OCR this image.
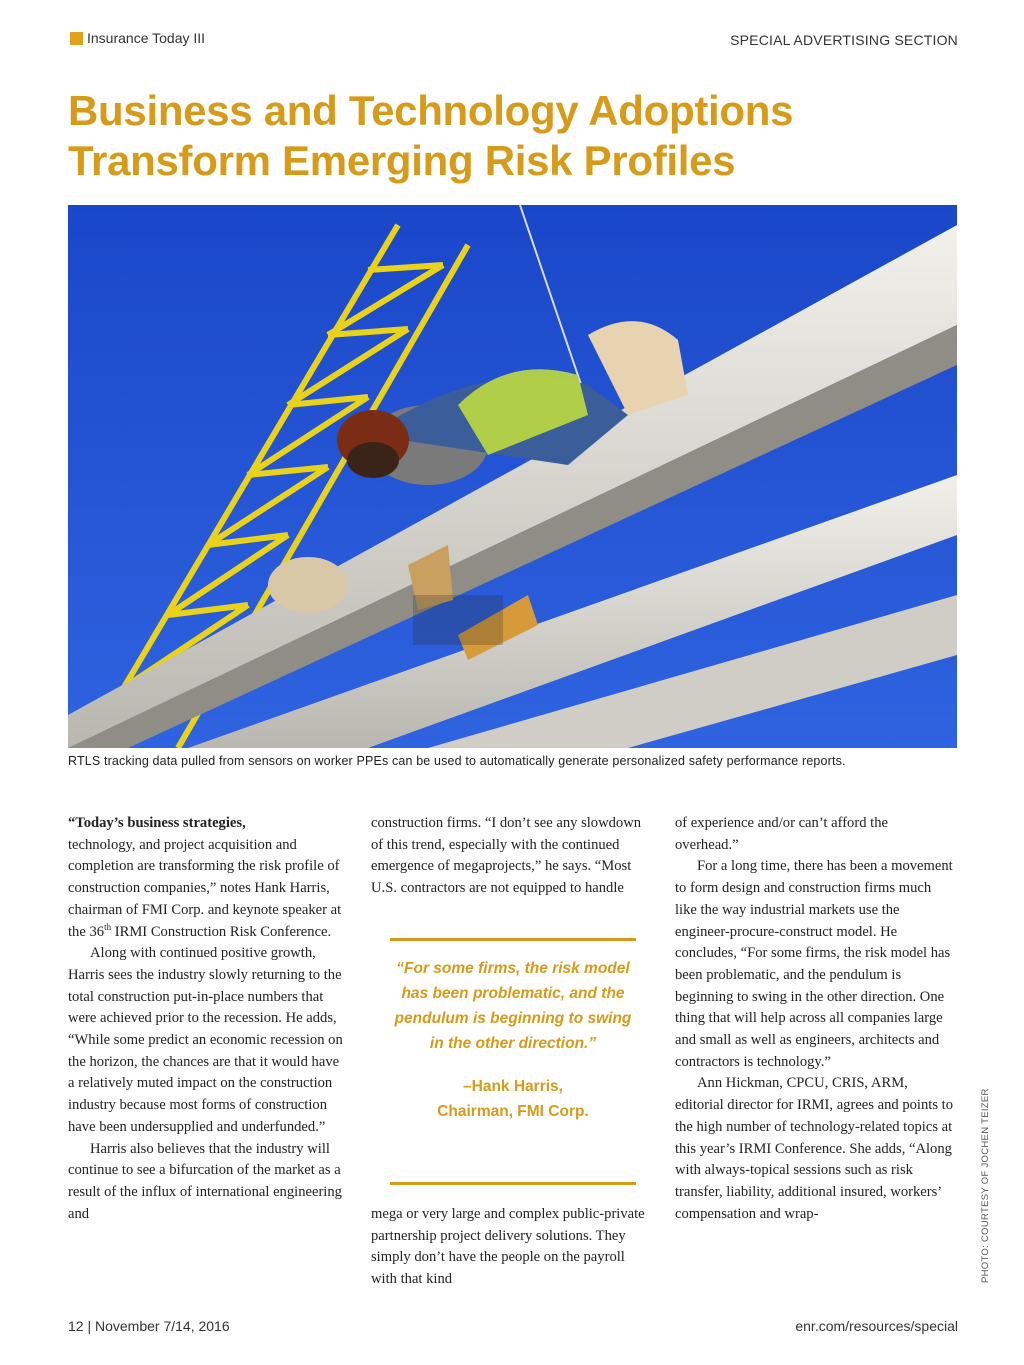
Insurance Today III	SPECIAL ADVERTISING SECTION
Business and Technology Adoptions
Transform Emerging Risk Profiles
RTLS tracking data pulled from sensors on worker PPEs can be used to automatically generate personalized safety performance reports.

“Today’s business strategies,
technology, and project acquisition and completion are transforming the risk profile of construction companies,” notes Hank Harris, chairman of FMI Corp. and keynote speaker at the 36th IRMI Construction Risk Conference.

Along with continued positive growth, Harris sees the industry slowly returning to the total construction put-in-place numbers that were achieved prior to the recession. He adds, “While some predict an economic recession on the horizon, the chances are that it would have a relatively muted impact on the construction industry because most forms of construction have been undersupplied and underfunded.”

Harris also believes that the industry will continue to see a bifurcation of the market as a result of the influx of international engineering and

construction firms. “I don’t see any slowdown of this trend, especially with the continued emergence of megaprojects,” he says. “Most U.S. contractors are not equipped to handle

“For some firms, the risk model has been problematic, and the pendulum is beginning to swing in the other direction.”
–Hank Harris,
Chairman, FMI Corp.

mega or very large and complex public-private partnership project delivery solutions. They simply don’t have the people on the payroll with that kind

of experience and/or can’t afford the overhead.”

For a long time, there has been a movement to form design and construction firms much like the way industrial markets use the engineer-procure-construct model. He concludes, “For some firms, the risk model has been problematic, and the pendulum is beginning to swing in the other direction. One thing that will help across all companies large and small as well as engineers, architects and contractors is technology.”

Ann Hickman, CPCU, CRIS, ARM, editorial director for IRMI, agrees and points to the high number of technology-related topics at this year’s IRMI Conference. She adds, “Along with always-topical sessions such as risk transfer, liability, additional insured, workers’ compensation and wrap-	PHOTO: COURTESY OF JOCHEN TEIZER
12 | November 7/14, 2016	enr.com/resources/special
